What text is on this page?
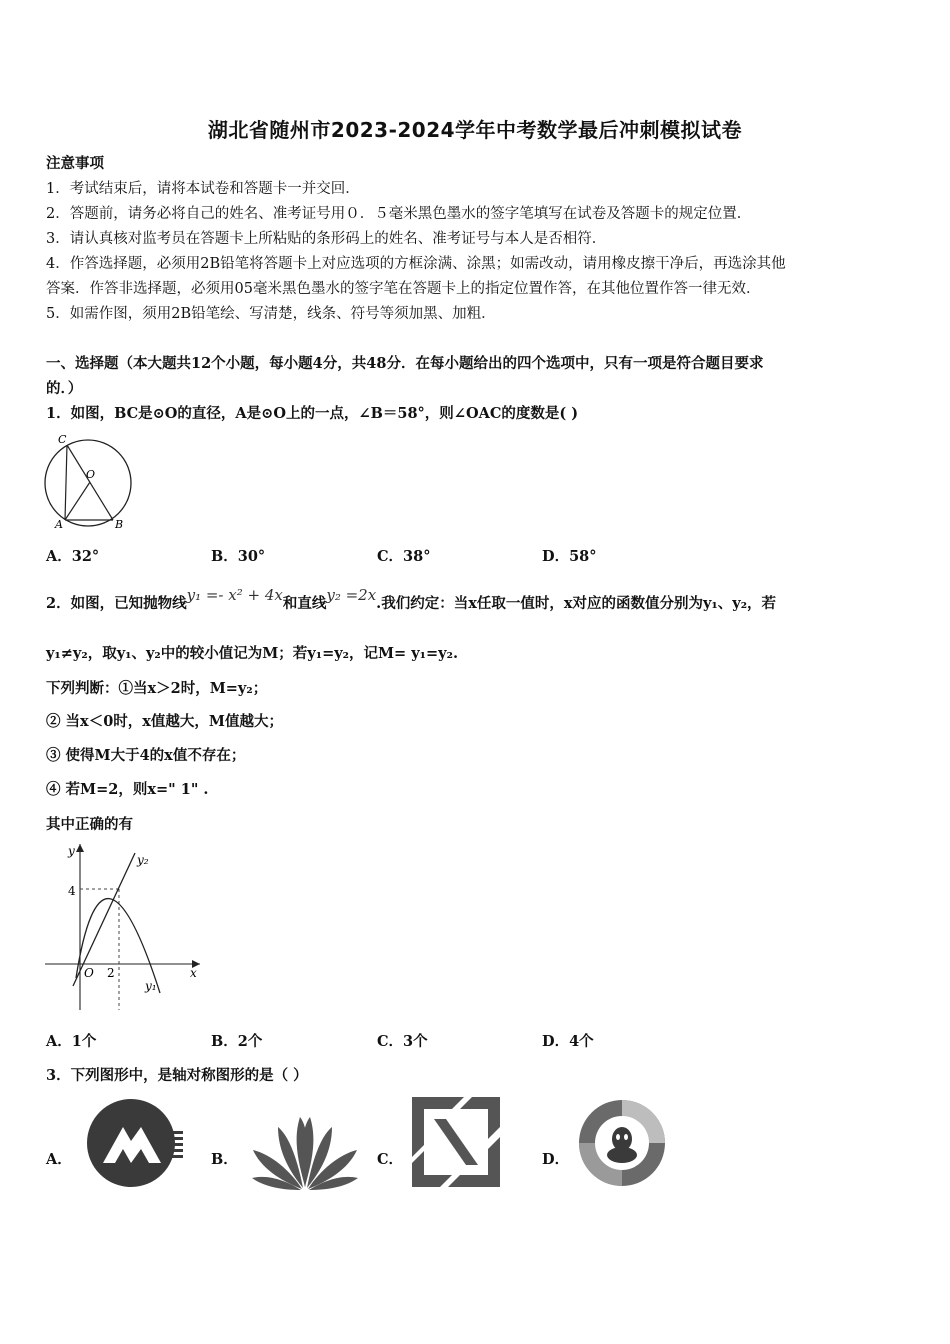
湖北省随州市2023-2024学年中考数学最后冲刺模拟试卷
注意事项
1．考试结束后，请将本试卷和答题卡一并交回．
2．答题前，请务必将自己的姓名、准考证号用０．５毫米黑色墨水的签字笔填写在试卷及答题卡的规定位置．
3．请认真核对监考员在答题卡上所粘贴的条形码上的姓名、准考证号与本人是否相符．
4．作答选择题，必须用2B铅笔将答题卡上对应选项的方框涂满、涂黑；如需改动，请用橡皮擦干净后，再选涂其他
答案．作答非选择题，必须用05毫米黑色墨水的签字笔在答题卡上的指定位置作答，在其他位置作答一律无效．
5．如需作图，须用2B铅笔绘、写清楚，线条、符号等须加黑、加粗．
一、选择题（本大题共12个小题，每小题4分，共48分．在每小题给出的四个选项中，只有一项是符合题目要求
的．）
1．如图，BC是⊙O的直径，A是⊙O上的一点，∠B＝58°，则∠OAC的度数是( )
C
O
A	B
A．32°	B．30°	C．38°	D．58°
2．如图，已知抛物线y₁ =- x² + 4x和直线y₂ =2x.我们约定：当x任取一值时，x对应的函数值分别为y₁、y₂，若
y₁≠y₂，取y₁、y₂中的较小值记为M；若y₁=y₂，记M= y₁=y₂.
下列判断：①当x＞2时，M=y₂；
② 当x＜0时，x值越大，M值越大；
③ 使得M大于4的x值不存在；
④ 若M=2，则x=" 1" .
其中正确的有
y
y₂
4
O 2	x
y₁
A．1个	B．2个	C．3个	D．4个
3．下列图形中，是轴对称图形的是（ ）
A．	B．	C．	D．
